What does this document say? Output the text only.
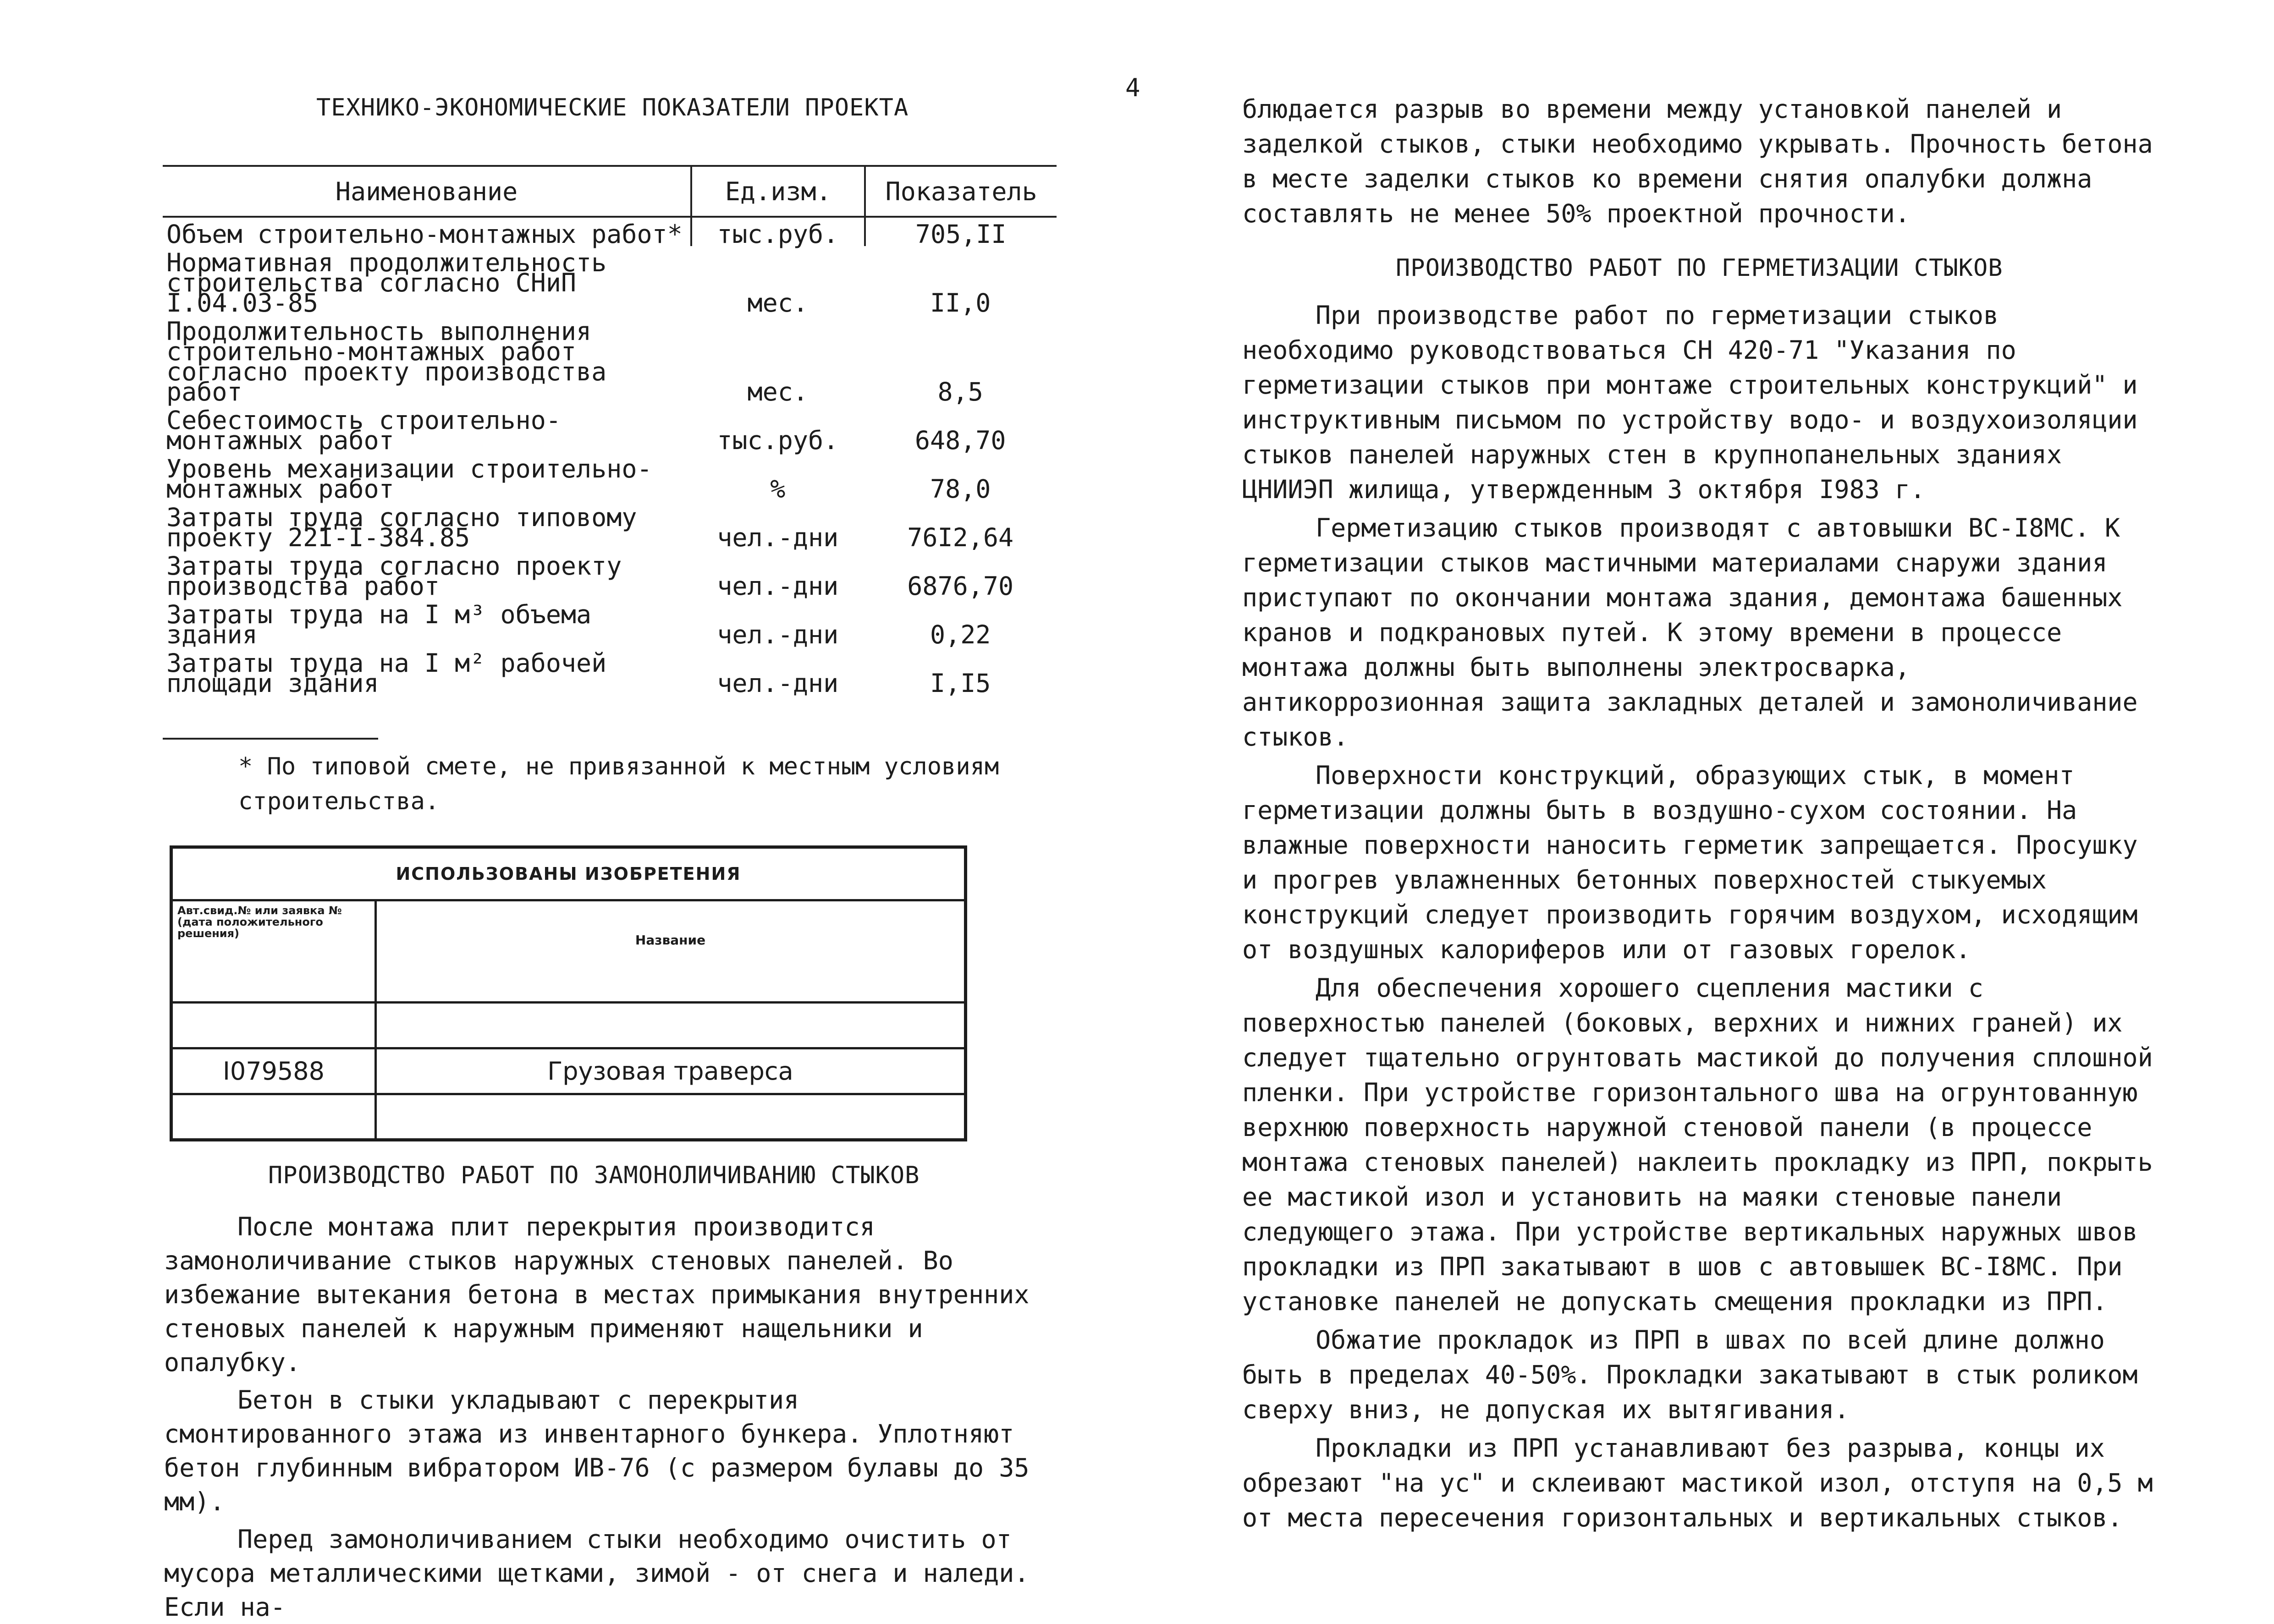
4
ТЕХНИКО-ЭКОНОМИЧЕСКИЕ ПОКАЗАТЕЛИ ПРОЕКТА
Наименование	Ед.изм.	Показатель
Объем строительно-монтажных работ*	тыс.руб.	705,II
Нормативная продолжительность строительства согласно СНиП I.04.03-85	мес.	II,0
Продолжительность выполнения строительно-монтажных работ согласно проекту производства работ	мес.	8,5
Себестоимость строительно-монтажных работ	тыс.руб.	648,70
Уровень механизации строительно-монтажных работ	%	78,0
Затраты труда согласно типовому проекту 22I-I-384.85	чел.-дни	76I2,64
Затраты труда согласно проекту производства работ	чел.-дни	6876,70
Затраты труда на I м³ объема здания	чел.-дни	0,22
Затраты труда на I м² рабочей площади здания	чел.-дни	I,I5

* По типовой смете, не привязанной к местным условиям строительства.

ИСПОЛЬЗОВАНЫ ИЗОБРЕТЕНИЯ	
Авт.свид.№ или заявка № (дата положительного решения)	Название

I079588	Грузовая траверса

ПРОИЗВОДСТВО РАБОТ ПО ЗАМОНОЛИЧИВАНИЮ СТЫКОВ

После монтажа плит перекрытия производится замоноличивание стыков наружных стеновых панелей. Во избежание вытекания бетона в местах примыкания внутренних стеновых панелей к наружным применяют нащельники и опалубку.

Бетон в стыки укладывают с перекрытия смонтированного этажа из инвентарного бункера. Уплотняют бетон глубинным вибратором ИВ-76 (с размером булавы до 35 мм).

Перед замоноличиванием стыки необходимо очистить от мусора металлическими щетками, зимой - от снега и наледи. Если на-

блюдается разрыв во времени между установкой панелей и заделкой стыков, стыки необходимо укрывать. Прочность бетона в месте заделки стыков ко времени снятия опалубки должна составлять не менее 50% проектной прочности.

ПРОИЗВОДСТВО РАБОТ ПО ГЕРМЕТИЗАЦИИ СТЫКОВ

При производстве работ по герметизации стыков необходимо руководствоваться СН 420-71 "Указания по герметизации стыков при монтаже строительных конструкций" и инструктивным письмом по устройству водо- и воздухоизоляции стыков панелей наружных стен в крупнопанельных зданиях ЦНИИЭП жилища, утвержденным 3 октября I983 г.

Герметизацию стыков производят с автовышки ВС-I8МС. К герметизации стыков мастичными материалами снаружи здания приступают по окончании монтажа здания, демонтажа башенных кранов и подкрановых путей. К этому времени в процессе монтажа должны быть выполнены электросварка, антикоррозионная защита закладных деталей и замоноличивание стыков.

Поверхности конструкций, образующих стык, в момент герметизации должны быть в воздушно-сухом состоянии. На влажные поверхности наносить герметик запрещается. Просушку и прогрев увлажненных бетонных поверхностей стыкуемых конструкций следует производить горячим воздухом, исходящим от воздушных калориферов или от газовых горелок.

Для обеспечения хорошего сцепления мастики с поверхностью панелей (боковых, верхних и нижних граней) их следует тщательно огрунтовать мастикой до получения сплошной пленки. При устройстве горизонтального шва на огрунтованную верхнюю поверхность наружной стеновой панели (в процессе монтажа стеновых панелей) наклеить прокладку из ПРП, покрыть ее мастикой изол и установить на маяки стеновые панели следующего этажа. При устройстве вертикальных наружных швов прокладки из ПРП закатывают в шов с автовышек ВС-I8МС. При установке панелей не допускать смещения прокладки из ПРП.

Обжатие прокладок из ПРП в швах по всей длине должно быть в пределах 40-50%. Прокладки закатывают в стык роликом сверху вниз, не допуская их вытягивания.

Прокладки из ПРП устанавливают без разрыва, концы их обрезают "на ус" и склеивают мастикой изол, отступя на 0,5 м от места пересечения горизонтальных и вертикальных стыков.
